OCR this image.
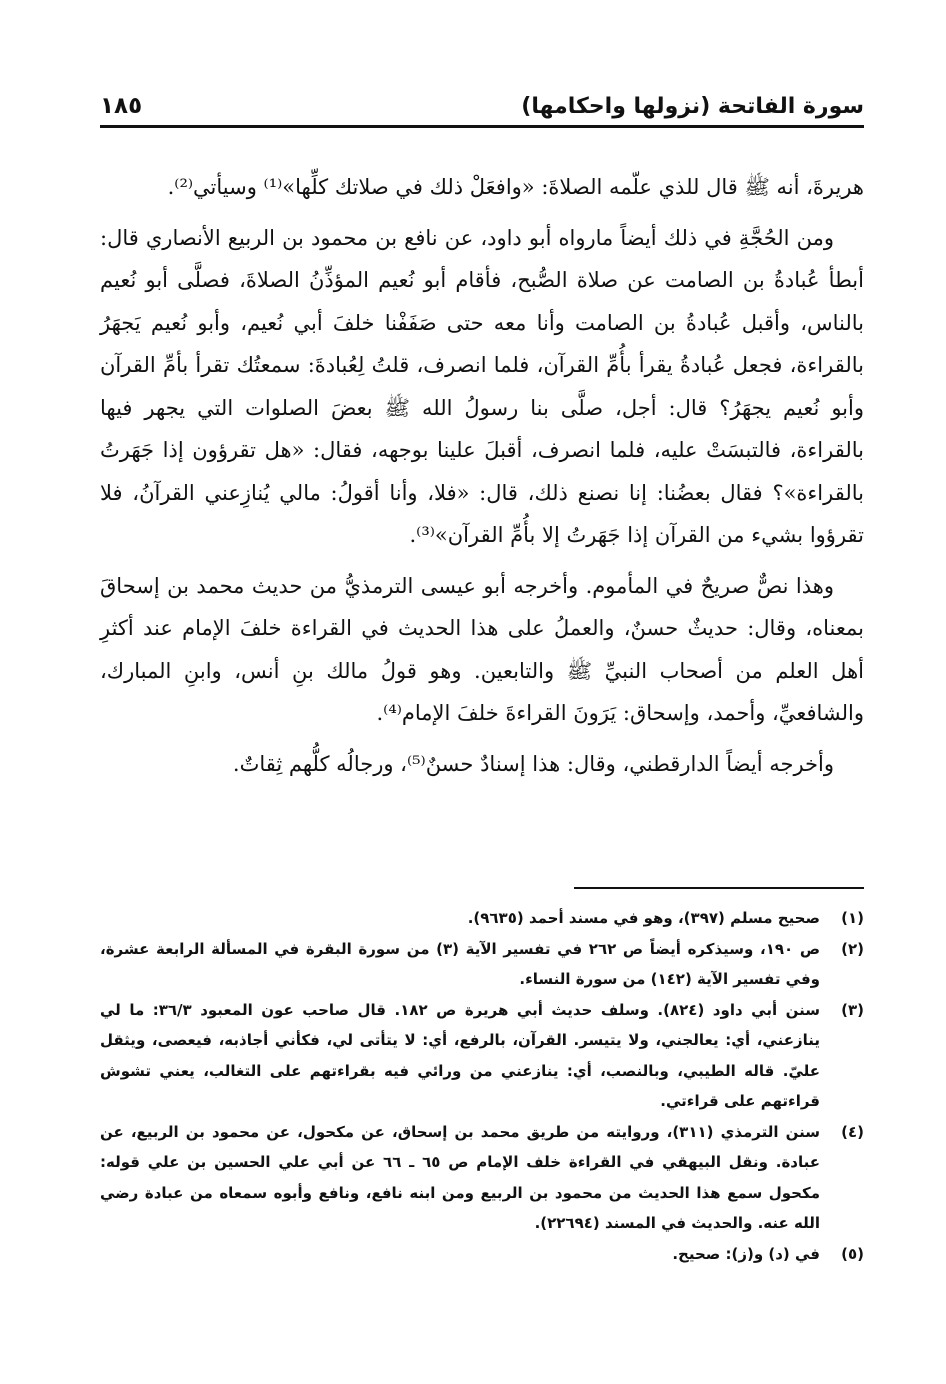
١٨٥	سورة الفاتحة (نزولها واحكامها)

هريرةَ، أنه ﷺ قال للذي علّمه الصلاةَ: «وافعَلْ ذلك في صلاتك كلِّها»⁽¹⁾ وسيأتي⁽²⁾.

ومن الحُجَّةِ في ذلك أيضاً مارواه أبو داود، عن نافع بن محمود بن الربيع الأنصاري قال: أبطأ عُبادةُ بن الصامت عن صلاة الصُّبح، فأقام أبو نُعيم المؤذِّنُ الصلاةَ، فصلَّى أبو نُعيم بالناس، وأقبل عُبادةُ بن الصامت وأنا معه حتى صَفَفْنا خلفَ أبي نُعيم، وأبو نُعيم يَجهَرُ بالقراءة، فجعل عُبادةُ يقرأ بأُمِّ القرآن، فلما انصرف، قلتُ لِعُبادةَ: سمعتُك تقرأ بأمِّ القرآن وأبو نُعيم يجهَرُ؟ قال: أجل، صلَّى بنا رسولُ الله ﷺ بعضَ الصلوات التي يجهر فيها بالقراءة، فالتبسَتْ عليه، فلما انصرف، أقبلَ علينا بوجهه، فقال: «هل تقرؤون إذا جَهَرتُ بالقراءة»؟ فقال بعضُنا: إنا نصنع ذلك، قال: «فلا، وأنا أقولُ: مالي يُنازِعني القرآنُ، فلا تقرؤوا بشيء من القرآن إذا جَهَرتُ إلا بأُمِّ القرآن»⁽³⁾.

وهذا نصٌّ صريحٌ في المأموم. وأخرجه أبو عيسى الترمذيُّ من حديث محمد بن إسحاقَ بمعناه، وقال: حديثٌ حسنٌ، والعملُ على هذا الحديث في القراءة خلفَ الإمام عند أكثرِ أهل العلم من أصحاب النبيِّ ﷺ والتابعين. وهو قولُ مالك بنِ أنس، وابنِ المبارك، والشافعيِّ، وأحمد، وإسحاق: يَرَونَ القراءةَ خلفَ الإمام⁽⁴⁾.

وأخرجه أيضاً الدارقطني، وقال: هذا إسنادٌ حسنٌ⁽⁵⁾، ورجالُه كلُّهم ثِقاتٌ.

(١)
صحيح مسلم (٣٩٧)، وهو في مسند أحمد (٩٦٣٥).
(٢)
ص ١٩٠، وسيذكره أيضاً ص ٢٦٢ في تفسير الآية (٣) من سورة البقرة في المسألة الرابعة عشرة، وفي تفسير الآية (١٤٢) من سورة النساء.
(٣)
سنن أبي داود (٨٢٤). وسلف حديث أبي هريرة ص ١٨٢. قال صاحب عون المعبود ٣٦/٣: ما لي ينازعني، أي: يعالجني، ولا يتيسر. القرآن، بالرفع، أي: لا يتأتى لي، فكأني أجاذبه، فيعصى، ويثقل عليّ. قاله الطيبي، وبالنصب، أي: ينازعني من ورائي فيه بقراءتهم على التغالب، يعني تشوش قراءتهم على قراءتي.
(٤)
سنن الترمذي (٣١١)، وروايته من طريق محمد بن إسحاق، عن مكحول، عن محمود بن الربيع، عن عبادة. ونقل البيهقي في القراءة خلف الإمام ص ٦٥ ـ ٦٦ عن أبي علي الحسين بن علي قوله: مكحول سمع هذا الحديث من محمود بن الربيع ومن ابنه نافع، ونافع وأبوه سمعاه من عبادة رضي الله عنه. والحديث في المسند (٢٢٦٩٤).
(٥)
في (د) و(ز): صحيح.
